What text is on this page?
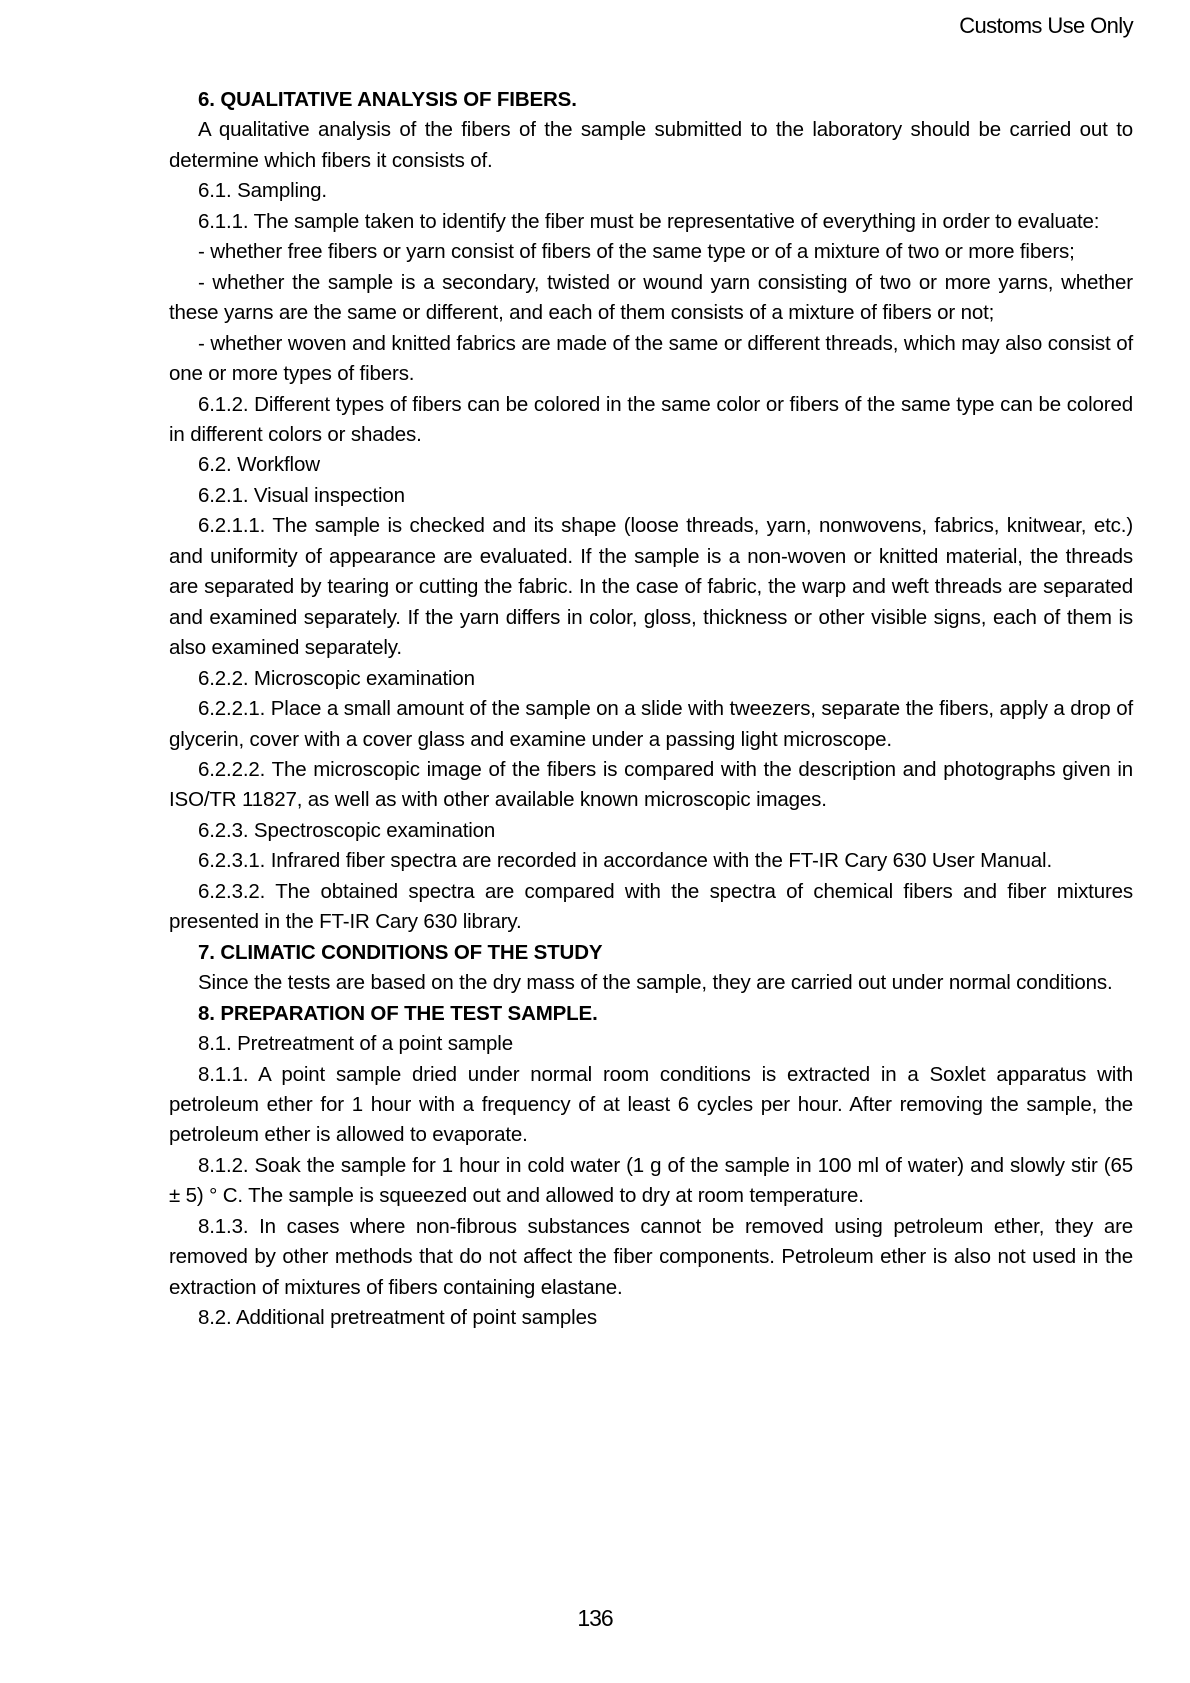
Customs Use Only

6. QUALITATIVE ANALYSIS OF FIBERS.

A qualitative analysis of the fibers of the sample submitted to the laboratory should be carried out to determine which fibers it consists of.

6.1. Sampling.

6.1.1. The sample taken to identify the fiber must be representative of everything in order to evaluate:

- whether free fibers or yarn consist of fibers of the same type or of a mixture of two or more fibers;

- whether the sample is a secondary, twisted or wound yarn consisting of two or more yarns, whether these yarns are the same or different, and each of them consists of a mixture of fibers or not;

- whether woven and knitted fabrics are made of the same or different threads, which may also consist of one or more types of fibers.

6.1.2. Different types of fibers can be colored in the same color or fibers of the same type can be colored in different colors or shades.

6.2. Workflow

6.2.1. Visual inspection

6.2.1.1. The sample is checked and its shape (loose threads, yarn, nonwovens, fabrics, knitwear, etc.) and uniformity of appearance are evaluated. If the sample is a non-woven or knitted material, the threads are separated by tearing or cutting the fabric. In the case of fabric, the warp and weft threads are separated and examined separately. If the yarn differs in color, gloss, thickness or other visible signs, each of them is also examined separately.

6.2.2. Microscopic examination

6.2.2.1. Place a small amount of the sample on a slide with tweezers, separate the fibers, apply a drop of glycerin, cover with a cover glass and examine under a passing light microscope.

6.2.2.2. The microscopic image of the fibers is compared with the description and photographs given in ISO/TR 11827, as well as with other available known microscopic images.

6.2.3. Spectroscopic examination

6.2.3.1. Infrared fiber spectra are recorded in accordance with the FT-IR Cary 630 User Manual.

6.2.3.2. The obtained spectra are compared with the spectra of chemical fibers and fiber mixtures presented in the FT-IR Cary 630 library.

7. CLIMATIC CONDITIONS OF THE STUDY

Since the tests are based on the dry mass of the sample, they are carried out under normal conditions.

8. PREPARATION OF THE TEST SAMPLE.

8.1. Pretreatment of a point sample

8.1.1. A point sample dried under normal room conditions is extracted in a Soxlet apparatus with petroleum ether for 1 hour with a frequency of at least 6 cycles per hour. After removing the sample, the petroleum ether is allowed to evaporate.

8.1.2. Soak the sample for 1 hour in cold water (1 g of the sample in 100 ml of water) and slowly stir (65 ± 5) ° C. The sample is squeezed out and allowed to dry at room temperature.

8.1.3. In cases where non-fibrous substances cannot be removed using petroleum ether, they are removed by other methods that do not affect the fiber components. Petroleum ether is also not used in the extraction of mixtures of fibers containing elastane.

8.2. Additional pretreatment of point samples

136
